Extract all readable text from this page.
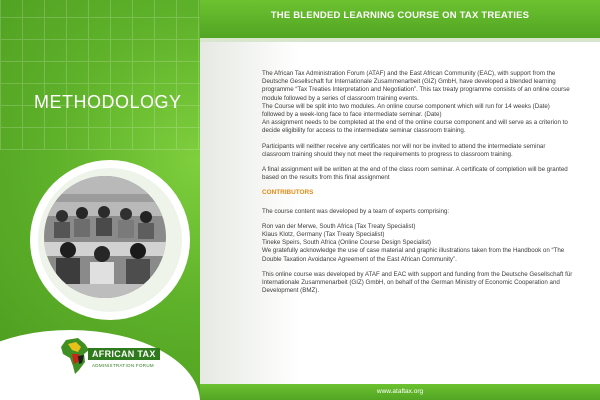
METHODOLOGY
AFRICAN TAX
ADMINISTRATION FORUM
THE BLENDED LEARNING COURSE ON TAX TREATIES

The African Tax Administration Forum (ATAF) and the East African Community (EAC), with support from the Deutsche Gesellschaft fur Internationale Zusammenarbeit (GIZ) GmbH, have developed a blended learning programme “Tax Treaties Interpretation and Negotiation”. This tax treaty programme consists of an online course module followed by a series of classroom training events.

The Course will be split into two modules. An online course component which will run for 14 weeks (Date) followed by a week-long face to face intermediate seminar. (Date)

An assignment needs to be completed at the end of the online course component and will serve as a criterion to decide eligibility for access to the intermediate seminar classroom training.

Participants will neither receive any certificates nor will nor be invited to attend the intermediate seminar classroom training should they not meet the requirements to progress to classroom training.

A final assignment will be written at the end of the class room seminar. A certificate of completion will be granted based on the results from this final assignment

CONTRIBUTORS

The course content was developed by a team of experts comprising:

Ron van der Merwe, South Africa (Tax Treaty Specialist)
Klaus Klotz, Germany (Tax Treaty Specialist)
Tineke Speirs, South Africa (Online Course Design Specialist)

We gratefully acknowledge the use of case material and graphic illustrations taken from the Handbook on “The Double Taxation Avoidance Agreement of the East African Community”.

This online course was developed by ATAF and EAC with support and funding from the Deutsche Gesellschaft für Internationale Zusammenarbeit (GIZ) GmbH, on behalf of the German Ministry of Economic Cooperation and Development (BMZ).

www.ataftax.org
